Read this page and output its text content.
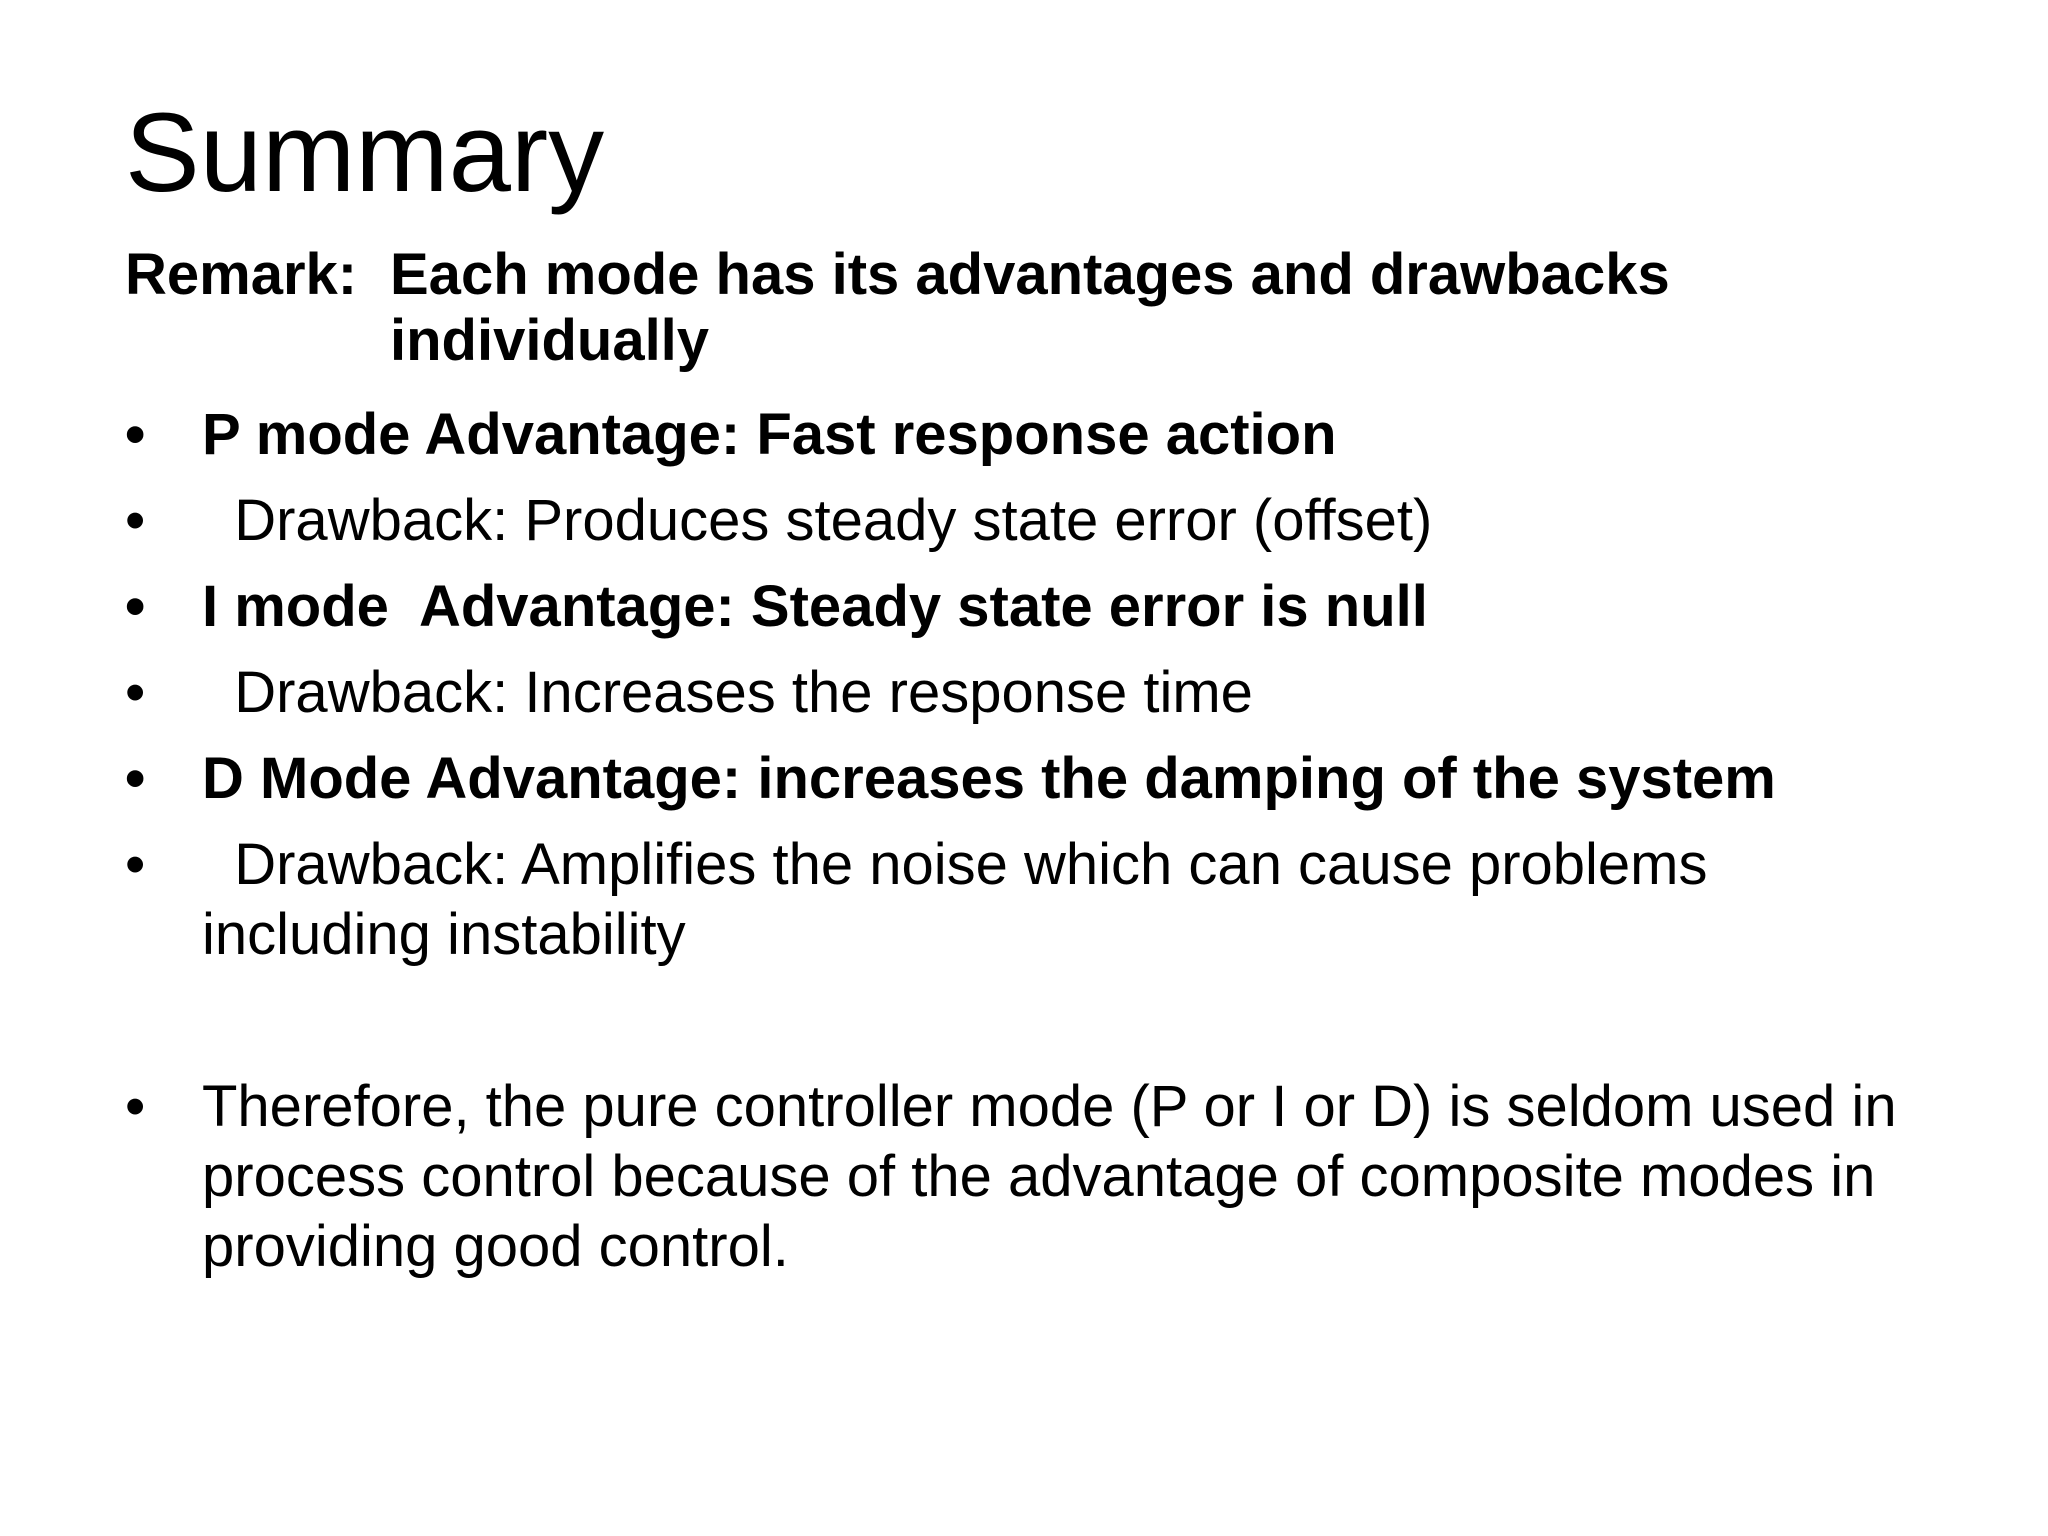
Summary
Remark: Each mode has its advantages and drawbacks
individually
• P mode Advantage: Fast response action
• Drawback: Produces steady state error (offset)
• I mode  Advantage: Steady state error is null
• Drawback: Increases the response time
• D Mode Advantage: increases the damping of the system
• Drawback: Amplifies the noise which can cause problems including instability
• Therefore, the pure controller mode (P or I or D) is seldom used in process control because of the advantage of composite modes in providing good control.
